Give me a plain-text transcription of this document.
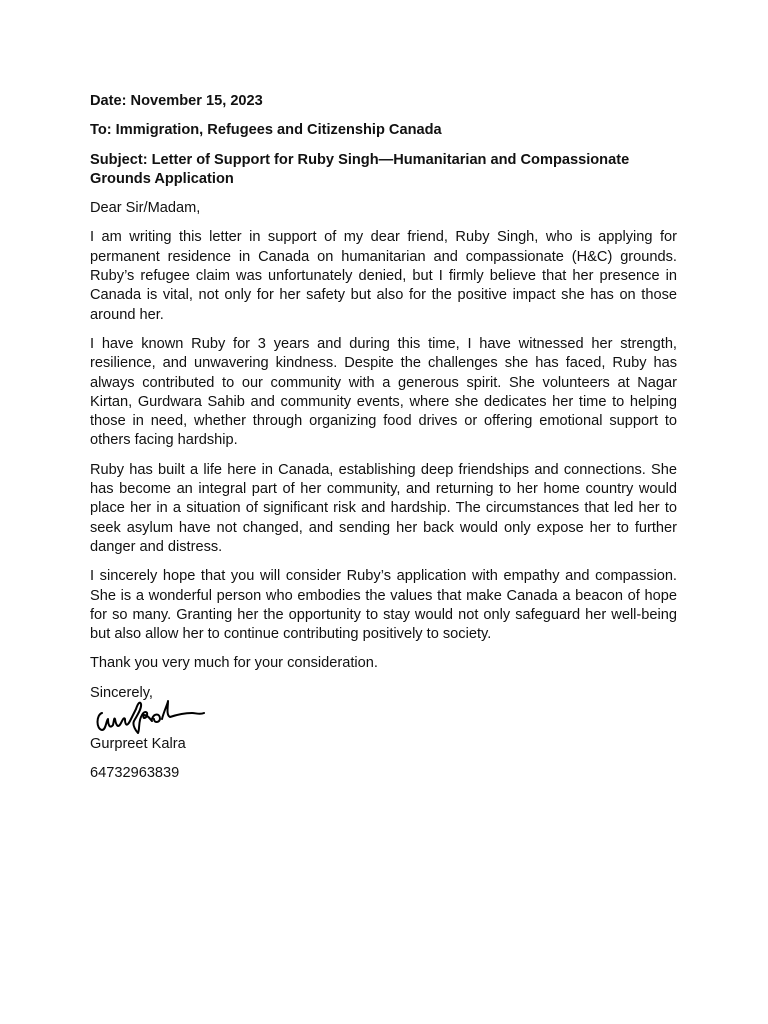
Date: November 15, 2023

To: Immigration, Refugees and Citizenship Canada

Subject: Letter of Support for Ruby Singh—Humanitarian and Compassionate Grounds Application

Dear Sir/Madam,

I am writing this letter in support of my dear friend, Ruby Singh, who is applying for permanent residence in Canada on humanitarian and compassionate (H&C) grounds. Ruby’s refugee claim was unfortunately denied, but I firmly believe that her presence in Canada is vital, not only for her safety but also for the positive impact she has on those around her.

I have known Ruby for 3 years and during this time, I have witnessed her strength, resilience, and unwavering kindness. Despite the challenges she has faced, Ruby has always contributed to our community with a generous spirit. She volunteers at Nagar Kirtan, Gurdwara Sahib and community events, where she dedicates her time to helping those in need, whether through organizing food drives or offering emotional support to others facing hardship.

Ruby has built a life here in Canada, establishing deep friendships and connections. She has become an integral part of her community, and returning to her home country would place her in a situation of significant risk and hardship. The circumstances that led her to seek asylum have not changed, and sending her back would only expose her to further danger and distress.

I sincerely hope that you will consider Ruby’s application with empathy and compassion. She is a wonderful person who embodies the values that make Canada a beacon of hope for so many. Granting her the opportunity to stay would not only safeguard her well-being but also allow her to continue contributing positively to society.

Thank you very much for your consideration.

Sincerely,

Gurpreet Kalra

64732963839
